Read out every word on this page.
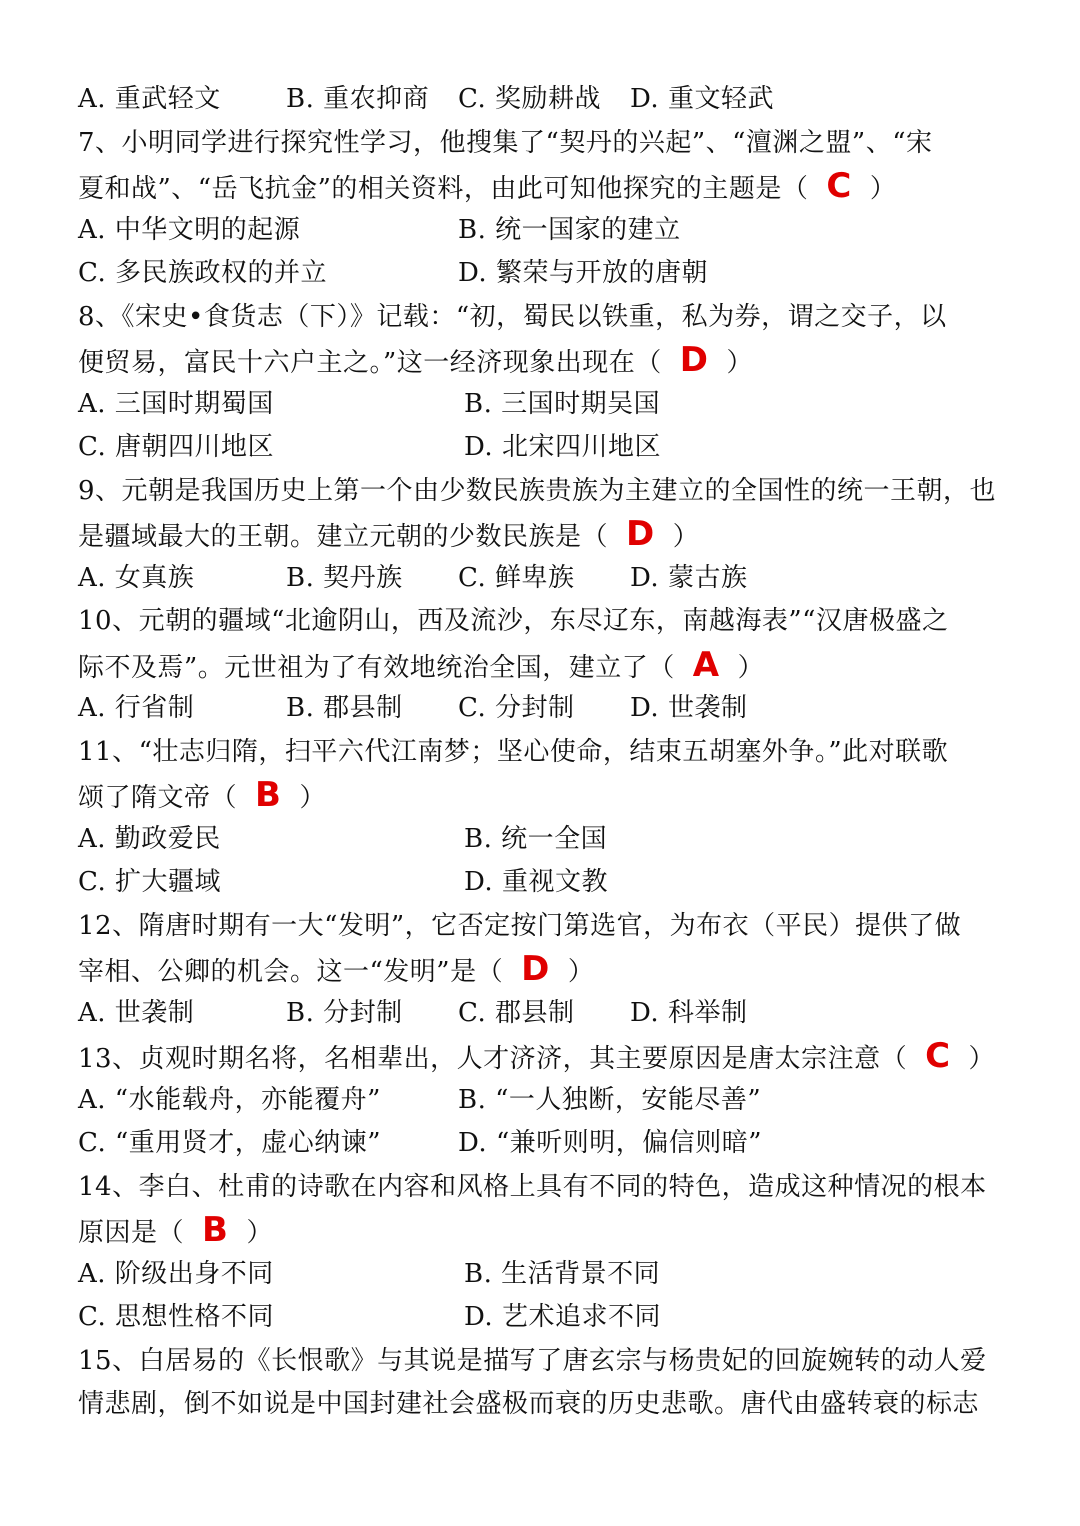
A. 重武轻文	B. 重农抑商 C. 奖励耕战 D. 重文轻武
7、小明同学进行探究性学习，他搜集了“契丹的兴起”、“澶渊之盟”、“宋
夏和战”、“岳飞抗金”的相关资料，由此可知他探究的主题是（ C ）
A. 中华文明的起源	B. 统一国家的建立
C. 多民族政权的并立	D. 繁荣与开放的唐朝
8、《宋史•食货志（下）》记载：“初，蜀民以铁重，私为券，谓之交子，以
便贸易，富民十六户主之。”这一经济现象出现在（ D ）
A. 三国时期蜀国	B. 三国时期吴国
C. 唐朝四川地区	D. 北宋四川地区
9、元朝是我国历史上第一个由少数民族贵族为主建立的全国性的统一王朝，也
是疆域最大的王朝。建立元朝的少数民族是（ D ）
A. 女真族	B. 契丹族 C. 鲜卑族 D. 蒙古族
10、元朝的疆域“北逾阴山，西及流沙，东尽辽东，南越海表”“汉唐极盛之
际不及焉”。元世祖为了有效地统治全国，建立了（ A ）
A. 行省制	B. 郡县制 C. 分封制 D. 世袭制
11、“壮志归隋，扫平六代江南梦；坚心使命，结束五胡塞外争。”此对联歌
颂了隋文帝（ B ）
A. 勤政爱民	B. 统一全国
C. 扩大疆域	D. 重视文教
12、隋唐时期有一大“发明”，它否定按门第选官，为布衣（平民）提供了做
宰相、公卿的机会。这一“发明”是（ D ）
A. 世袭制	B. 分封制 C. 郡县制 D. 科举制
13、贞观时期名将，名相辈出，人才济济，其主要原因是唐太宗注意（ C ）
A. “水能载舟，亦能覆舟”	B. “一人独断，安能尽善”
C. “重用贤才，虚心纳谏”	D. “兼听则明，偏信则暗”
14、李白、杜甫的诗歌在内容和风格上具有不同的特色，造成这种情况的根本
原因是（ B ）
A. 阶级出身不同	B. 生活背景不同
C. 思想性格不同	D. 艺术追求不同
15、白居易的《长恨歌》与其说是描写了唐玄宗与杨贵妃的回旋婉转的动人爱
情悲剧，倒不如说是中国封建社会盛极而衰的历史悲歌。唐代由盛转衰的标志
